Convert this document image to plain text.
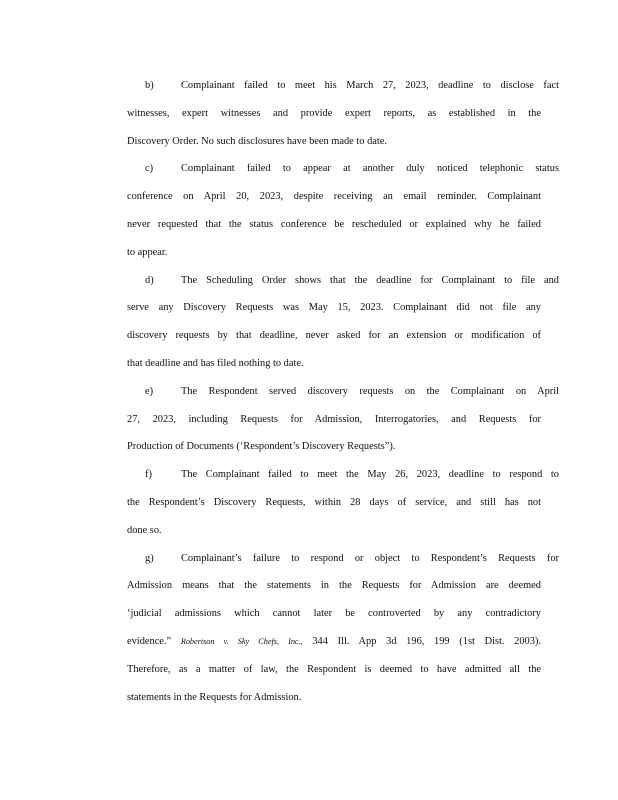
b)	Complainant failed to meet his March 27, 2023, deadline to disclose fact
witnesses, expert witnesses and provide expert reports, as established in the
Discovery Order. No such disclosures have been made to date.

c)	Complainant failed to appear at another duly noticed telephonic status
conference on April 20, 2023, despite receiving an email reminder. Complainant
never requested that the status conference be rescheduled or explained why he failed
to appear.

d)	The Scheduling Order shows that the deadline for Complainant to file and
serve any Discovery Requests was May 15, 2023. Complainant did not file any
discovery requests by that deadline, never asked for an extension or modification of
that deadline and has filed nothing to date.

e)	The Respondent served discovery requests on the Complainant on April
27, 2023, including Requests for Admission, Interrogatories, and Requests for
Production of Documents (‘Respondent’s Discovery Requests”).

f)	The Complainant failed to meet the May 26, 2023, deadline to respond to
the Respondent’s Discovery Requests, within 28 days of service, and still has not
done so.

g)	Complainant’s failure to respond or object to Respondent’s Requests for
Admission means that the statements in the Requests for Admission are deemed
‘judicial admissions which cannot later be controverted by any contradictory
evidence.” Robertson v. Sky Chefs, Inc., 344 Ill. App 3d 196, 199 (1st Dist. 2003).
Therefore, as a matter of law, the Respondent is deemed to have admitted all the
statements in the Requests for Admission.
